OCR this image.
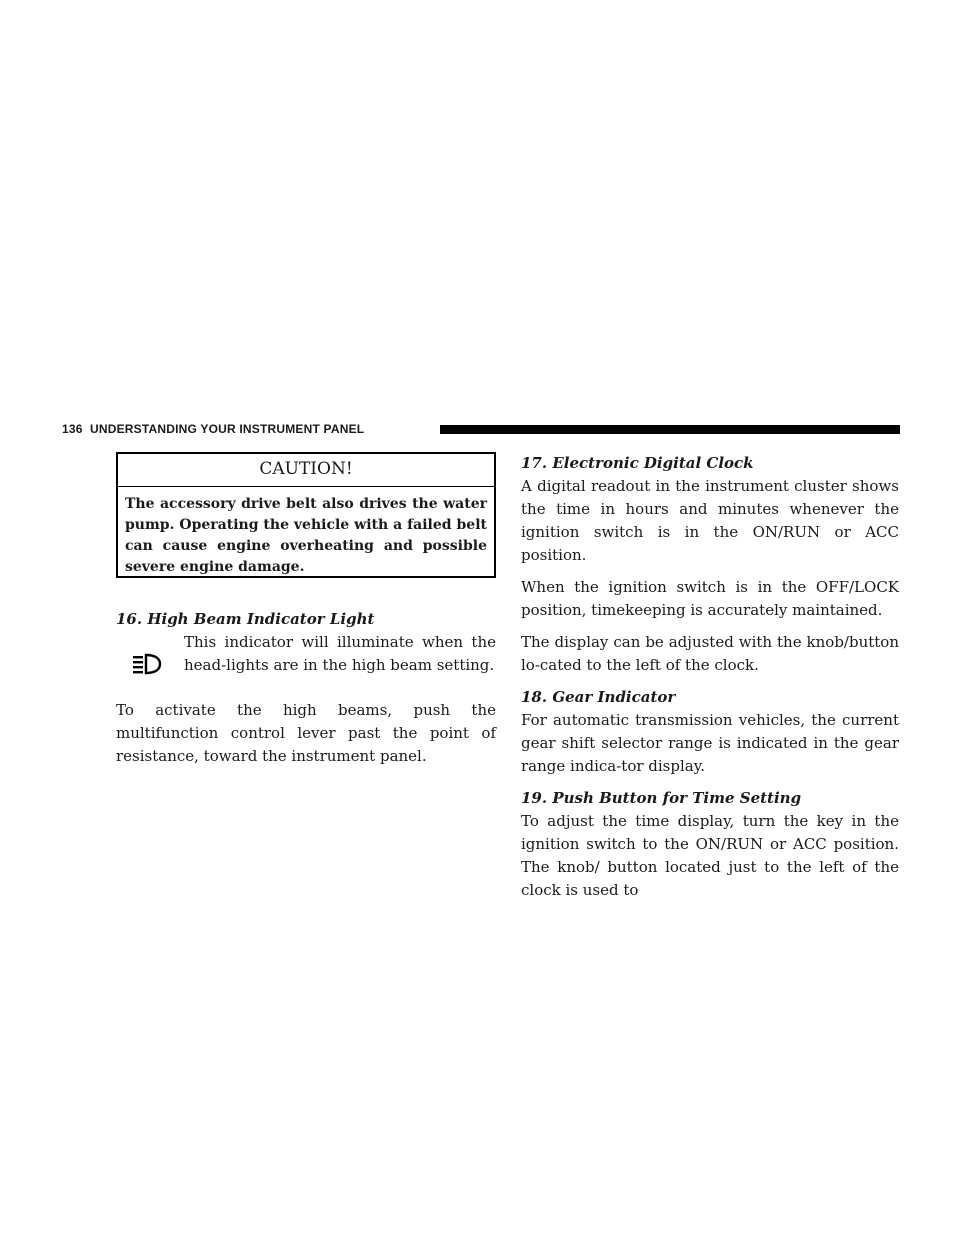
136 UNDERSTANDING YOUR INSTRUMENT PANEL
CAUTION!
The accessory drive belt also drives the water pump. Operating the vehicle with a failed belt can cause engine overheating and possible severe engine damage.
16. High Beam Indicator Light
This indicator will illuminate when the head-lights are in the high beam setting.

To activate the high beams, push the multifunction control lever past the point of resistance, toward the instrument panel.

17. Electronic Digital Clock

A digital readout in the instrument cluster shows the time in hours and minutes whenever the ignition switch is in the ON/RUN or ACC position.

When the ignition switch is in the OFF/LOCK position, timekeeping is accurately maintained.

The display can be adjusted with the knob/button lo-cated to the left of the clock.

18. Gear Indicator

For automatic transmission vehicles, the current gear shift selector range is indicated in the gear range indica-tor display.

19. Push Button for Time Setting

To adjust the time display, turn the key in the ignition switch to the ON/RUN or ACC position. The knob/ button located just to the left of the clock is used to
